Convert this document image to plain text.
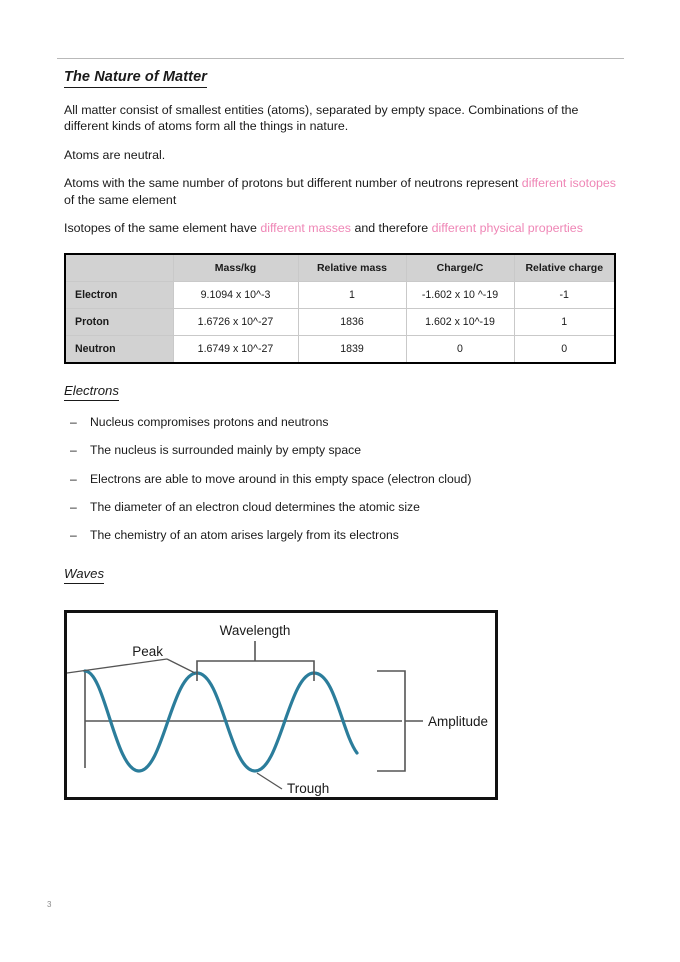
The Nature of Matter

All matter consist of smallest entities (atoms), separated by empty space. Combinations of the different kinds of atoms form all the things in nature.

Atoms are neutral.

Atoms with the same number of protons but different number of neutrons represent different isotopes of the same element

Isotopes of the same element have different masses and therefore different physical properties

	Mass/kg	Relative mass	Charge/C	Relative charge
Electron	9.1094 x 10^-3	1	-1.602 x 10 ^-19	-1
Proton	1.6726 x 10^-27	1836	1.602 x 10^-19	1
Neutron	1.6749 x 10^-27	1839	0	0
Electrons
– Nucleus compromises protons and neutrons
– The nucleus is surrounded mainly by empty space
– Electrons are able to move around in this empty space (electron cloud)
– The diameter of an electron cloud determines the atomic size
– The chemistry of an atom arises largely from its electrons
Waves
Wavelength
Peak
Trough
Amplitude
3
